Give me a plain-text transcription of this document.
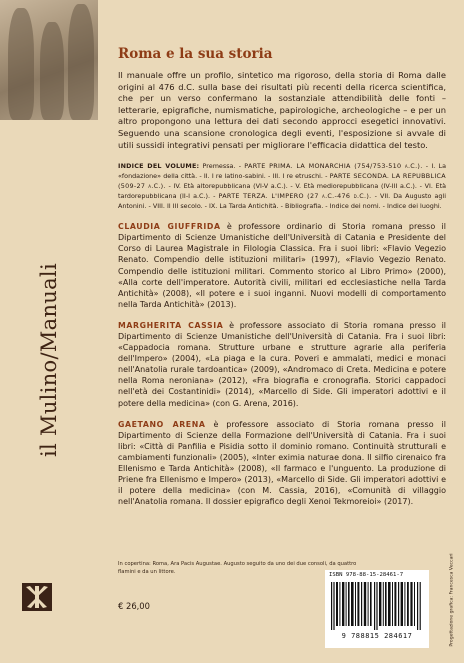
il Mulino/Manuali
Roma e la sua storia

Il manuale offre un profilo, sintetico ma rigoroso, della storia di Roma dalle origini al 476 d.C. sulla base dei risultati più recenti della ricerca scientifica, che per un verso confermano la sostanziale attendibilità delle fonti – letterarie, epigrafiche, numismatiche, papirologiche, archeologiche – e per un altro propongono una lettura dei dati secondo approcci esegetici innovativi. Seguendo una scansione cronologica degli eventi, l'esposizione si avvale di utili sussidi integrativi pensati per migliorare l'efficacia didattica del testo.

INDICE DEL VOLUME: Premessa. - PARTE PRIMA. LA MONARCHIA (754/753-510 a.C.). - I. La «fondazione» della città. - II. I re latino-sabini. - III. I re etruschi. - PARTE SECONDA. LA REPUBBLICA (509-27 a.C.). - IV. Età altorepubblicana (VI-V a.C.). - V. Età mediorepubblicana (IV-III a.C.). - VI. Età tardorepubblicana (II-I a.C.). - PARTE TERZA. L'IMPERO (27 a.C.-476 d.C.). - VII. Da Augusto agli Antonini. - VIII. Il III secolo. - IX. La Tarda Antichità. - Bibliografia. - Indice dei nomi. - Indice dei luoghi.

CLAUDIA GIUFFRIDA è professore ordinario di Storia romana presso il Dipartimento di Scienze Umanistiche dell'Università di Catania e Presidente del Corso di Laurea Magistrale in Filologia Classica. Fra i suoi libri: «Flavio Vegezio Renato. Compendio delle istituzioni militari» (1997), «Flavio Vegezio Renato. Compendio delle istituzioni militari. Commento storico al Libro Primo» (2000), «Alla corte dell'imperatore. Autorità civili, militari ed ecclesiastiche nella Tarda Antichità» (2008), «Il potere e i suoi inganni. Nuovi modelli di comportamento nella Tarda Antichità» (2013).

MARGHERITA CASSIA è professore associato di Storia romana presso il Dipartimento di Scienze Umanistiche dell'Università di Catania. Fra i suoi libri: «Cappadocia romana. Strutture urbane e strutture agrarie alla periferia dell'Impero» (2004), «La piaga e la cura. Poveri e ammalati, medici e monaci nell'Anatolia rurale tardoantica» (2009), «Andromaco di Creta. Medicina e potere nella Roma neroniana» (2012), «Fra biografia e cronografia. Storici cappadoci nell'età dei Costantinidi» (2014), «Marcello di Side. Gli imperatori adottivi e il potere della medicina» (con G. Arena, 2016).

GAETANO ARENA è professore associato di Storia romana presso il Dipartimento di Scienze della Formazione dell'Università di Catania. Fra i suoi libri: «Città di Panfilia e Pisidia sotto il dominio romano. Continuità strutturali e cambiamenti funzionali» (2005), «Inter eximia naturae dona. Il silfio cirenaico fra Ellenismo e Tarda Antichità» (2008), «Il farmaco e l'unguento. La produzione di Priene fra Ellenismo e Impero» (2013), «Marcello di Side. Gli imperatori adottivi e il potere della medicina» (con M. Cassia, 2016), «Comunità di villaggio nell'Anatolia romana. Il dossier epigrafico degli Xenoi Tekmoreioi» (2017).

In copertina: Roma, Ara Pacis Augustae. Augusto seguito da uno dei due consoli, da quattro flamini e da un littore.
€ 26,00
ISBN 978-88-15-28461-7
9 788815 284617	Progettazione grafica: Francesca Veccari
